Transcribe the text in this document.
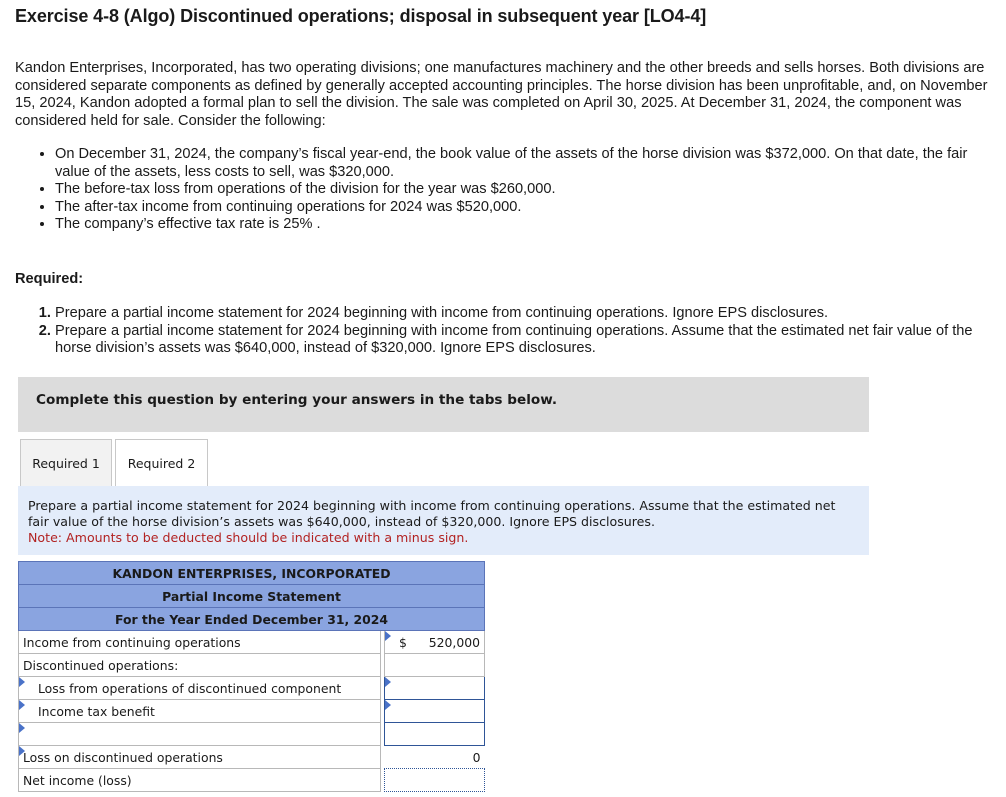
Exercise 4-8 (Algo) Discontinued operations; disposal in subsequent year [LO4-4]
Kandon Enterprises, Incorporated, has two operating divisions; one manufactures machinery and the other breeds and sells horses. Both divisions are considered separate components as defined by generally accepted accounting principles. The horse division has been unprofitable, and, on November 15, 2024, Kandon adopted a formal plan to sell the division. The sale was completed on April 30, 2025. At December 31, 2024, the component was considered held for sale. Consider the following:
• On December 31, 2024, the company’s fiscal year-end, the book value of the assets of the horse division was $372,000. On that date, the fair value of the assets, less costs to sell, was $320,000.
• The before-tax loss from operations of the division for the year was $260,000.
• The after-tax income from continuing operations for 2024 was $520,000.
• The company’s effective tax rate is 25% .
Required:
1. Prepare a partial income statement for 2024 beginning with income from continuing operations. Ignore EPS disclosures.
2. Prepare a partial income statement for 2024 beginning with income from continuing operations. Assume that the estimated net fair value of the horse division’s assets was $640,000, instead of $320,000. Ignore EPS disclosures.
Complete this question by entering your answers in the tabs below.
Required 1	Required 2
Prepare a partial income statement for 2024 beginning with income from continuing operations. Assume that the estimated net fair value of the horse division’s assets was $640,000, instead of $320,000. Ignore EPS disclosures.
Note: Amounts to be deducted should be indicated with a minus sign.
KANDON ENTERPRISES, INCORPORATED		
Partial Income Statement		
For the Year Ended December 31, 2024		
Income from continuing operations		$ 520,000
Discontinued operations:		

Loss from operations of discontinued component		

Income tax benefit		

Loss on discontinued operations		0
Net income (loss)		
